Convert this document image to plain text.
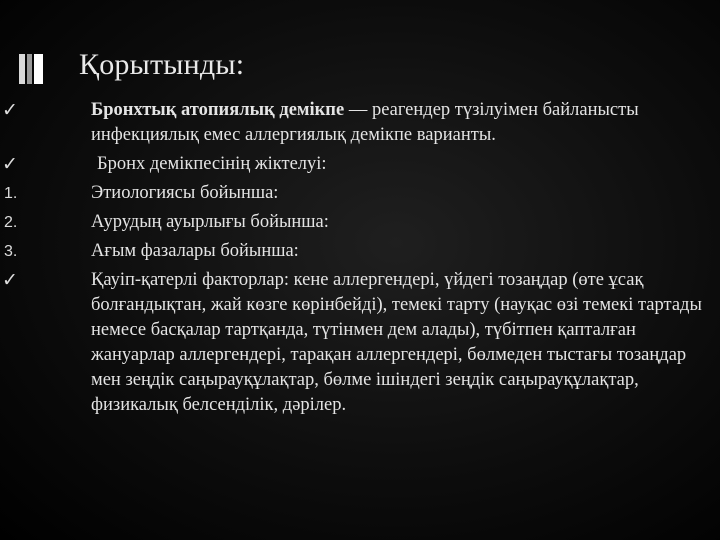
Қорытынды:
✓	Бронхтық атопиялық демікпе — реагендер түзілуімен байланысты инфекциялық емес аллергиялық демікпе варианты.
✓	Бронх демікпесінің жіктелуі:
1.	Этиологиясы бойынша:
2.	Аурудың ауырлығы бойынша:
3.	Ағым фазалары бойынша:
✓	Қауіп-қатерлі факторлар: кене аллергендері, үйдегі тозаңдар (өте ұсақ болғандықтан, жай көзге көрінбейді), темекі тарту (науқас өзі темекі тартады немесе басқалар тартқанда, түтінмен дем алады), түбітпен қапталған жануарлар аллергендері, тарақан аллергендері, бөлмеден тыстағы тозаңдар мен зеңдік саңырауқұлақтар, бөлме ішіндегі зеңдік саңырауқұлақтар, физикалық белсенділік, дәрілер.
